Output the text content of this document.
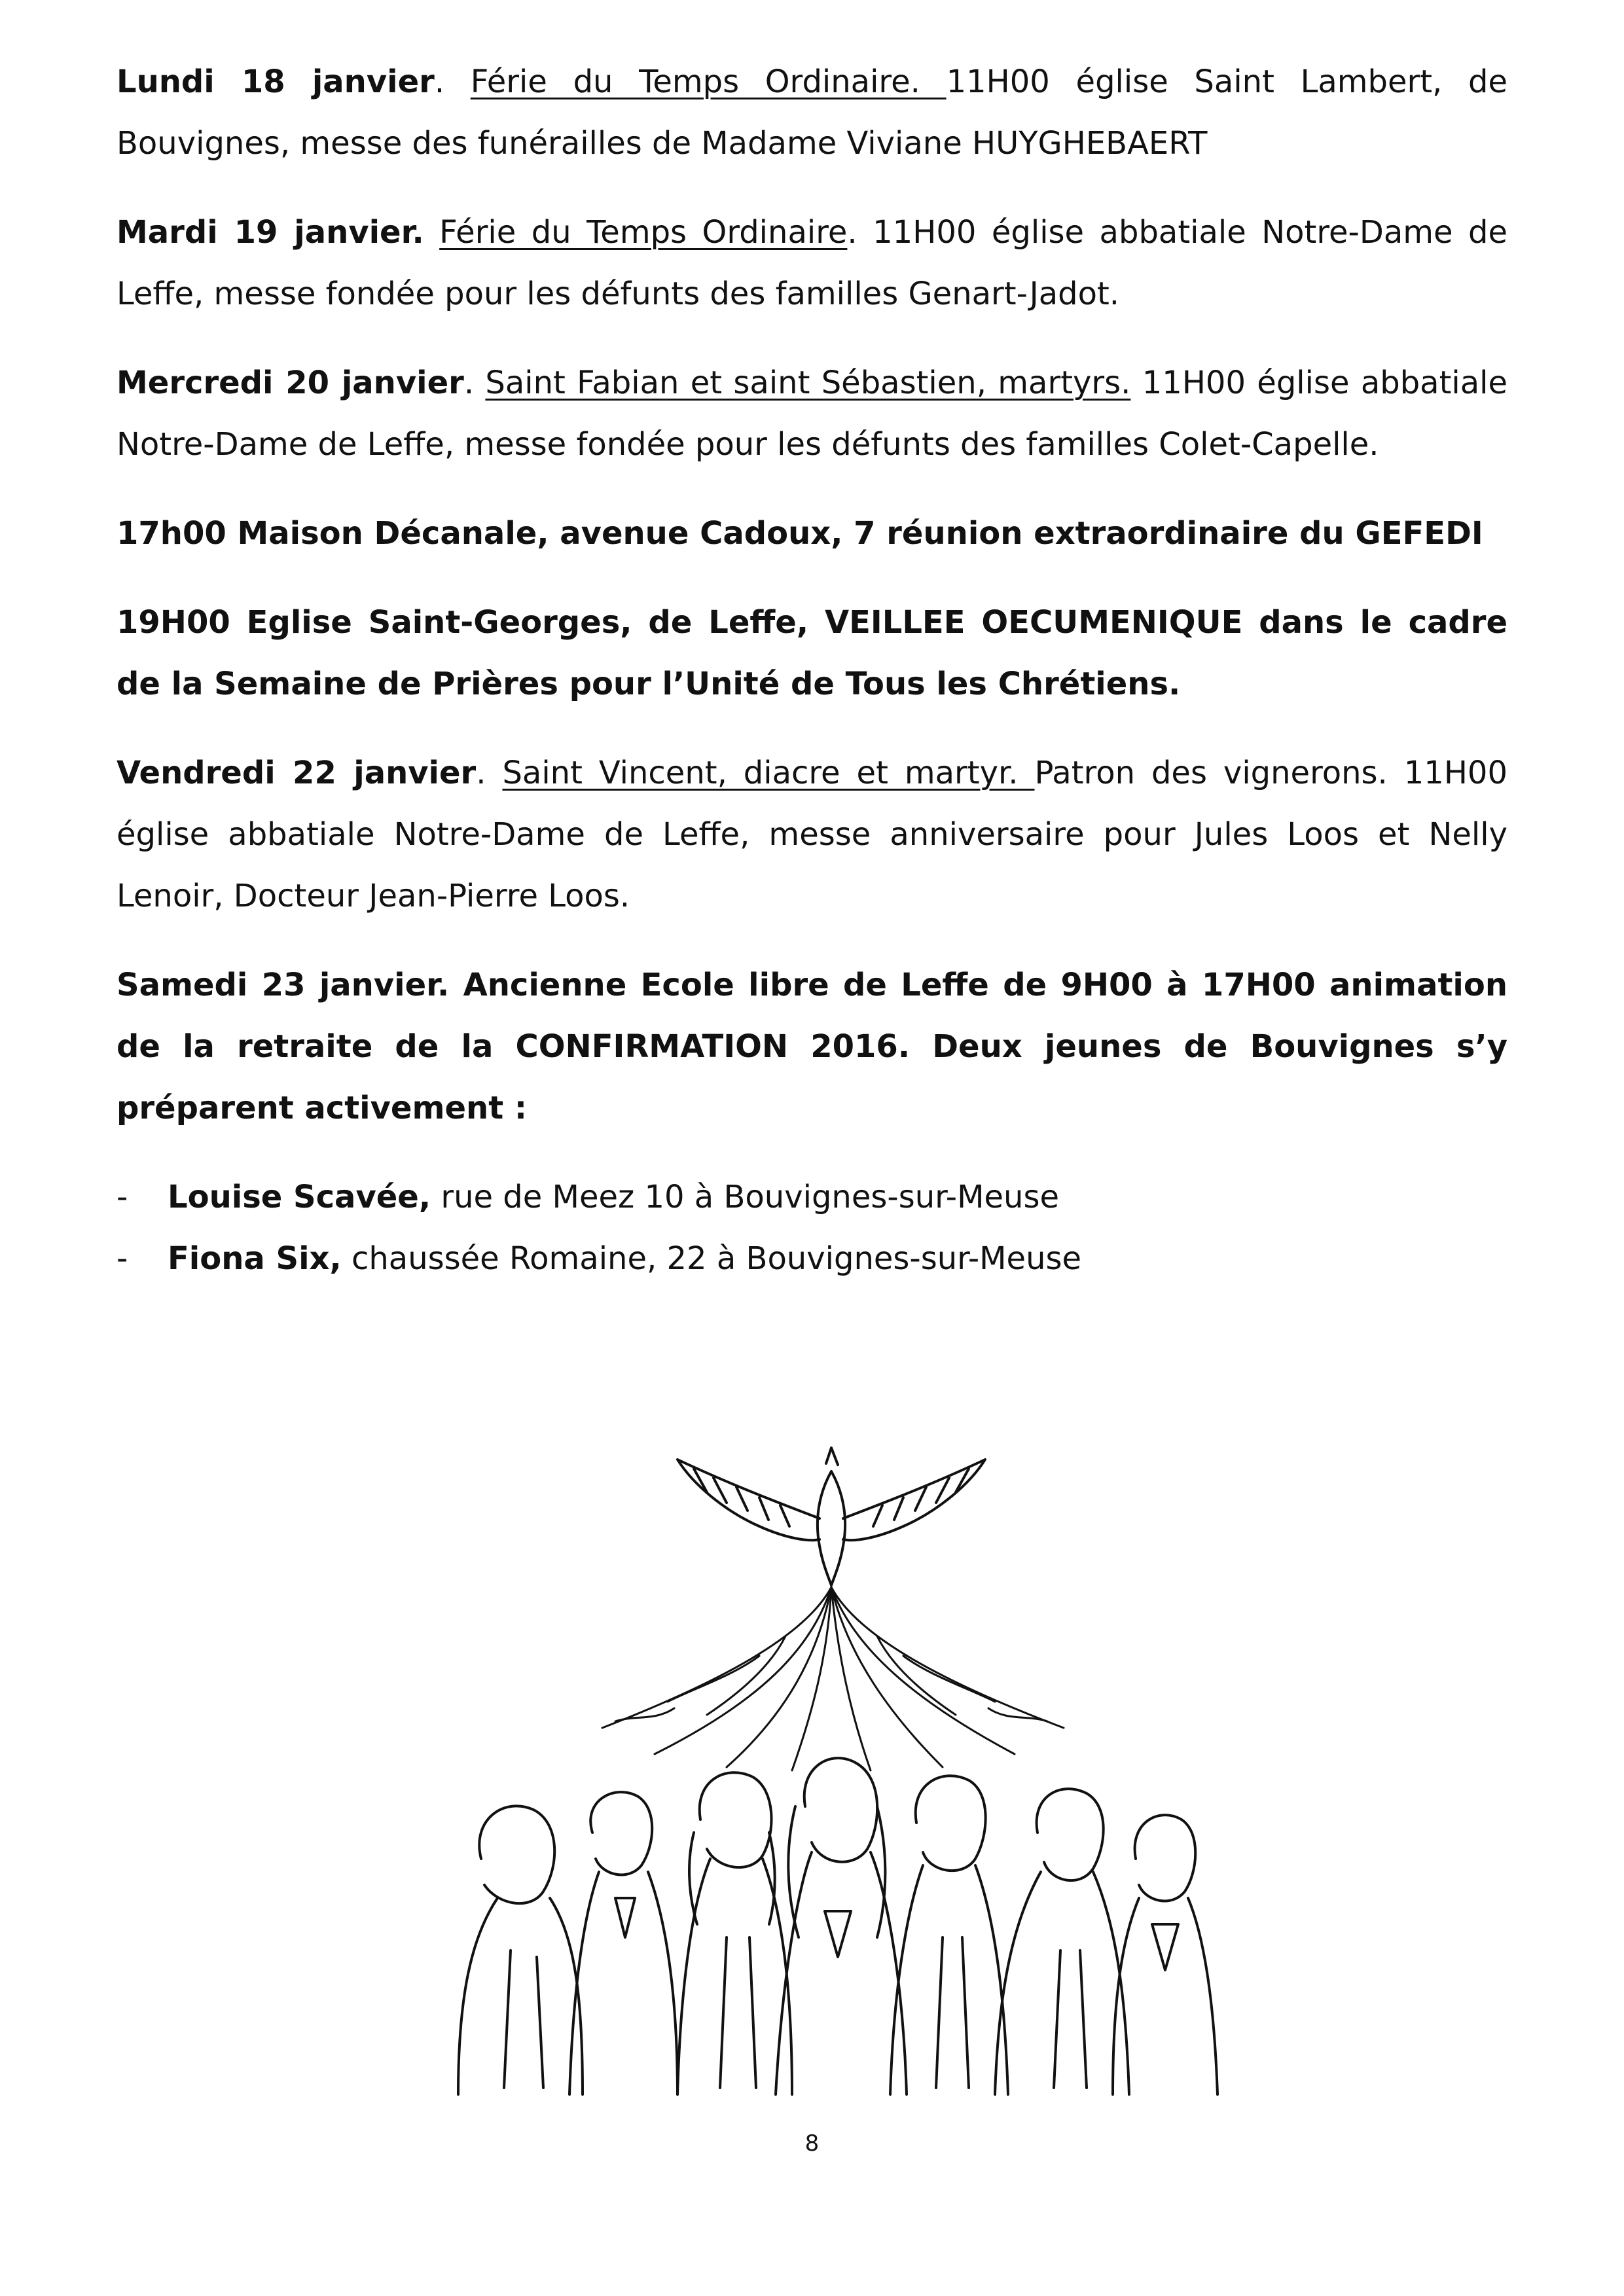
Lundi 18 janvier. Férie du Temps Ordinaire. 11H00 église Saint Lambert, de Bouvignes, messe des funérailles de Madame Viviane HUYGHEBAERT

Mardi 19 janvier. Férie du Temps Ordinaire. 11H00 église abbatiale Notre-Dame de Leffe, messe fondée pour les défunts des familles Genart-Jadot.

Mercredi 20 janvier. Saint Fabian et saint Sébastien, martyrs. 11H00 église abbatiale Notre-Dame de Leffe, messe fondée pour les défunts des familles Colet-Capelle.

17h00 Maison Décanale, avenue Cadoux, 7 réunion extraordinaire du GEFEDI

19H00 Eglise Saint-Georges, de Leffe, VEILLEE OECUMENIQUE dans le cadre de la Semaine de Prières pour l’Unité de Tous les Chrétiens.

Vendredi 22 janvier. Saint Vincent, diacre et martyr. Patron des vignerons. 11H00 église abbatiale Notre-Dame de Leffe, messe anniversaire pour Jules Loos et Nelly Lenoir, Docteur Jean-Pierre Loos.

Samedi 23 janvier. Ancienne Ecole libre de Leffe de 9H00 à 17H00 animation de la retraite de la CONFIRMATION 2016. Deux jeunes de Bouvignes s’y préparent activement :

- Louise Scavée, rue de Meez 10 à Bouvignes-sur-Meuse
- Fiona Six, chaussée Romaine, 22 à Bouvignes-sur-Meuse
8
